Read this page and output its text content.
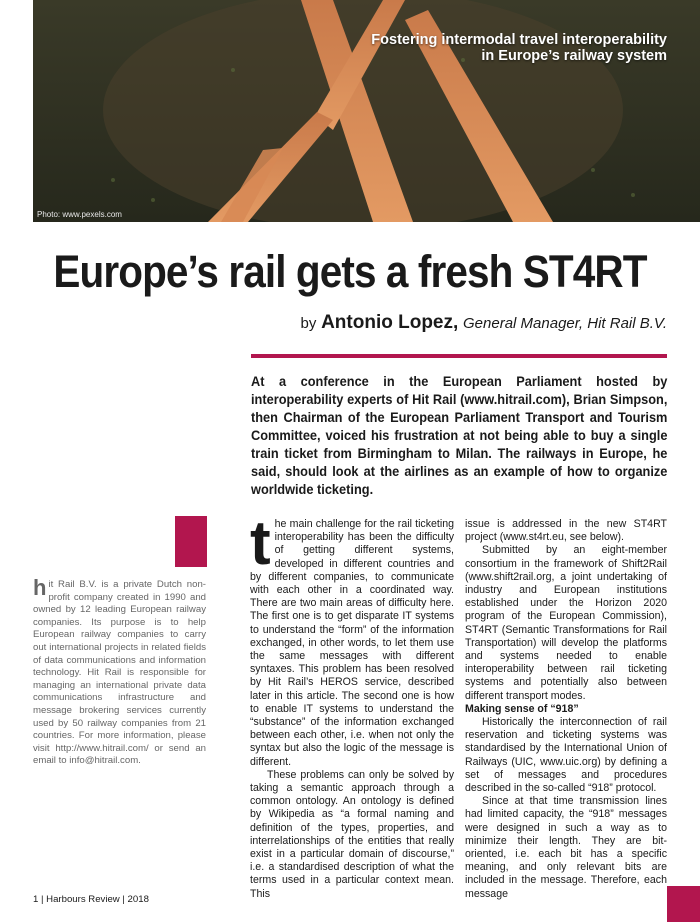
Fostering intermodal travel interoperability
in Europe’s railway system
Photo: www.pexels.com
Europe’s rail gets a fresh ST4RT
by Antonio Lopez, General Manager, Hit Rail B.V.
At a conference in the European Parliament hosted by interoperability experts of Hit Rail (www.hitrail.com), Brian Simpson, then Chairman of the European Parliament Transport and Tourism Committee, voiced his frustration at not being able to buy a single train ticket from Birmingham to Milan. The railways in Europe, he said, should look at the airlines as an example of how to organize worldwide ticketing.
hit Rail B.V. is a private Dutch non-profit company created in 1990 and owned by 12 leading European railway companies. Its purpose is to help European railway companies to carry out international projects in related fields of data communications and information technology. Hit Rail is responsible for managing an international private data communications infrastructure and message brokering services currently used by 50 railway companies from 21 countries. For more information, please visit http://www.hitrail.com/ or send an email to info@hitrail.com.

the main challenge for the rail ticketing interoperability has been the difficulty of getting different systems, developed in different countries and by different companies, to communicate with each other in a coordinated way. There are two main areas of difficulty here. The first one is to get disparate IT systems to understand the “form” of the information exchanged, in other words, to let them use the same messages with different syntaxes. This problem has been resolved by Hit Rail’s HEROS service, described later in this article. The second one is how to enable IT systems to understand the “substance” of the information exchanged between each other, i.e. when not only the syntax but also the logic of the message is different.

These problems can only be solved by taking a semantic approach through a common ontology. An ontology is defined by Wikipedia as “a formal naming and definition of the types, properties, and interrelationships of the entities that really exist in a particular domain of discourse,” i.e. a standardised description of what the terms used in a particular context mean. This

issue is addressed in the new ST4RT project (www.st4rt.eu, see below).

Submitted by an eight-member consortium in the framework of Shift2Rail (www.shift2rail.org, a joint undertaking of industry and European institutions established under the Horizon 2020 program of the European Commission), ST4RT (Semantic Transformations for Rail Transportation) will develop the platforms and systems needed to enable interoperability between rail ticketing systems and potentially also between different transport modes.

Making sense of “918”

Historically the interconnection of rail reservation and ticketing systems was standardised by the International Union of Railways (UIC, www.uic.org) by defining a set of messages and procedures described in the so-called “918” protocol.

Since at that time transmission lines had limited capacity, the “918” messages were designed in such a way as to minimize their length. They are bit-oriented, i.e. each bit has a specific meaning, and only relevant bits are included in the message. Therefore, each message

1 | Harbours Review | 2018
